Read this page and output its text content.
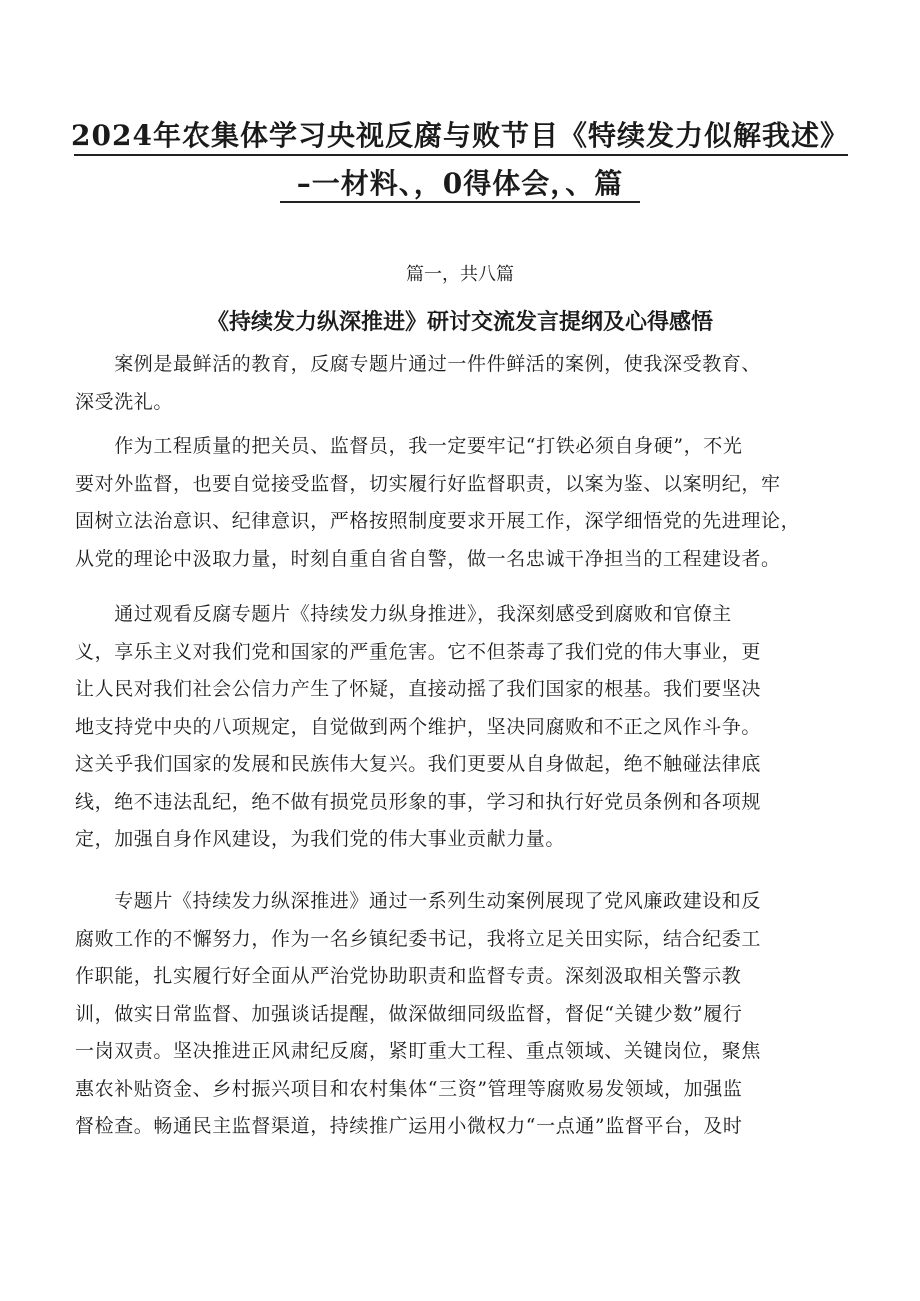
2024年农集体学习央视反腐与败节目《特续发力似解我述》
–一材料、，0得体会，、篇
篇一，共八篇
《持续发力纵深推进》研讨交流发言提纲及心得感悟
　　案例是最鲜活的教育，反腐专题片通过一件件鲜活的案例，使我深受教育、
深受洗礼。
　　作为工程质量的把关员、监督员，我一定要牢记“打铁必须自身硬”，不光
要对外监督，也要自觉接受监督，切实履行好监督职责，以案为鉴、以案明纪，牢
固树立法治意识、纪律意识，严格按照制度要求开展工作，深学细悟党的先进理论，
从党的理论中汲取力量，时刻自重自省自警，做一名忠诚干净担当的工程建设者。
　　通过观看反腐专题片《持续发力纵身推进》，我深刻感受到腐败和官僚主
义，享乐主义对我们党和国家的严重危害。它不但荼毒了我们党的伟大事业，更
让人民对我们社会公信力产生了怀疑，直接动摇了我们国家的根基。我们要坚决
地支持党中央的八项规定，自觉做到两个维护，坚决同腐败和不正之风作斗争。
这关乎我们国家的发展和民族伟大复兴。我们更要从自身做起，绝不触碰法律底
线，绝不违法乱纪，绝不做有损党员形象的事，学习和执行好党员条例和各项规
定，加强自身作风建设，为我们党的伟大事业贡献力量。
　　专题片《持续发力纵深推进》通过一系列生动案例展现了党风廉政建设和反
腐败工作的不懈努力，作为一名乡镇纪委书记，我将立足关田实际，结合纪委工
作职能，扎实履行好全面从严治党协助职责和监督专责。深刻汲取相关警示教
训，做实日常监督、加强谈话提醒，做深做细同级监督，督促“关键少数”履行
一岗双责。坚决推进正风肃纪反腐，紧盯重大工程、重点领域、关键岗位，聚焦
惠农补贴资金、乡村振兴项目和农村集体“三资”管理等腐败易发领域，加强监
督检查。畅通民主监督渠道，持续推广运用小微权力“一点通”监督平台，及时
